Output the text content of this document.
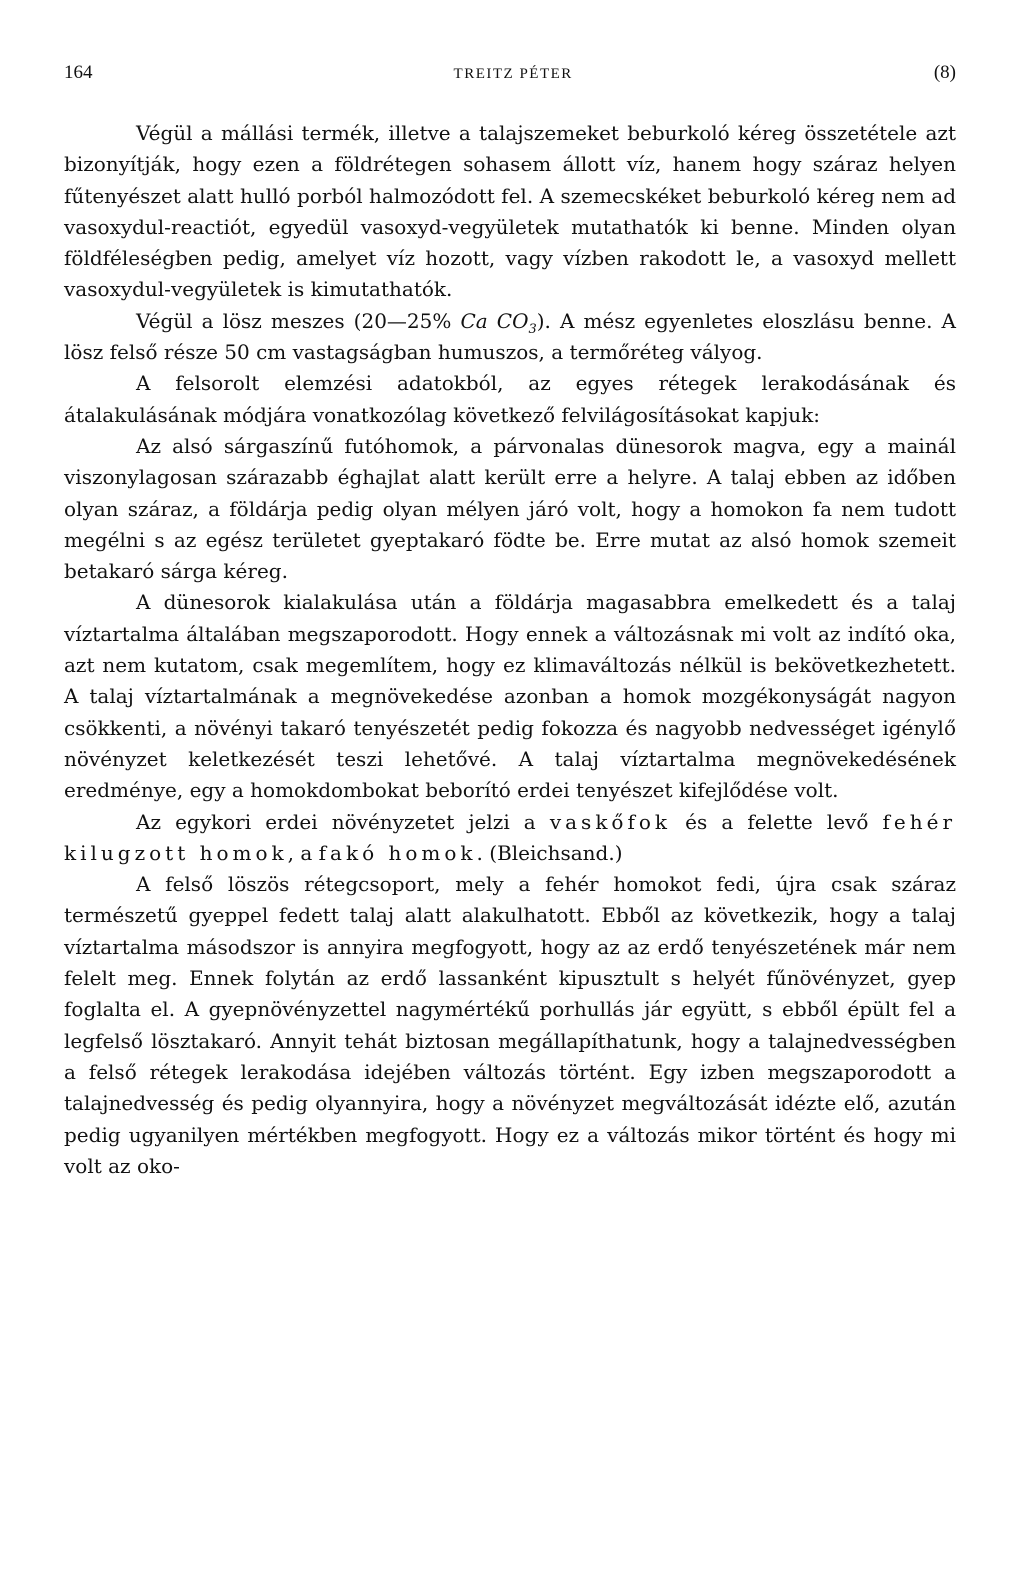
164	TREITZ PÉTER	(8)

Végül a mállási termék, illetve a talajszemeket beburkoló kéreg összetétele azt bizonyítják, hogy ezen a földrétegen sohasem állott víz, hanem hogy száraz helyen fűtenyészet alatt hulló porból halmozódott fel. A szemecskéket beburkoló kéreg nem ad vasoxydul-reactiót, egyedül vasoxyd-vegyületek mutathatók ki benne. Minden olyan földféleségben pedig, amelyet víz hozott, vagy vízben rakodott le, a vasoxyd mellett vasoxydul-vegyületek is kimutathatók.

Végül a lösz meszes (20—25% Ca $CO_3$). A mész egyenletes eloszlásu benne. A lösz felső része 50 cm vastagságban humuszos, a termőréteg vályog.

A felsorolt elemzési adatokból, az egyes rétegek lerakodásának és átalakulásának módjára vonatkozólag következő felvilágosításokat kapjuk:

Az alsó sárgaszínű futóhomok, a párvonalas dünesorok magva, egy a mainál viszonylagosan szárazabb éghajlat alatt került erre a helyre. A talaj ebben az időben olyan száraz, a földárja pedig olyan mélyen járó volt, hogy a homokon fa nem tudott megélni s az egész területet gyeptakaró födte be. Erre mutat az alsó homok szemeit betakaró sárga kéreg.

A dünesorok kialakulása után a földárja magasabbra emelkedett és a talaj víztartalma általában megszaporodott. Hogy ennek a változásnak mi volt az indító oka, azt nem kutatom, csak megemlítem, hogy ez klimaváltozás nélkül is bekövetkezhetett. A talaj víztartalmának a megnövekedése azonban a homok mozgékonyságát nagyon csökkenti, a növényi takaró tenyészetét pedig fokozza és nagyobb nedvességet igénylő növényzet keletkezését teszi lehetővé. A talaj víztartalma megnövekedésének eredménye, egy a homokdombokat beborító erdei tenyészet kifejlődése volt.

Az egykori erdei növényzetet jelzi a vaskőfok és a felette levő fehér kilugzott homok, a fakó homok. (Bleichsand.)

A felső löszös rétegcsoport, mely a fehér homokot fedi, újra csak száraz természetű gyeppel fedett talaj alatt alakulhatott. Ebből az következik, hogy a talaj víztartalma másodszor is annyira megfogyott, hogy az az erdő tenyészetének már nem felelt meg. Ennek folytán az erdő lassanként kipusztult s helyét fűnövényzet, gyep foglalta el. A gyepnövényzettel nagymértékű porhullás jár együtt, s ebből épült fel a legfelső lösztakaró. Annyit tehát biztosan megállapíthatunk, hogy a talajnedvességben a felső rétegek lerakodása idejében változás történt. Egy izben megszaporodott a talajnedvesség és pedig olyannyira, hogy a növényzet megváltozását idézte elő, azután pedig ugyanilyen mértékben megfogyott. Hogy ez a változás mikor történt és hogy mi volt az oko-
